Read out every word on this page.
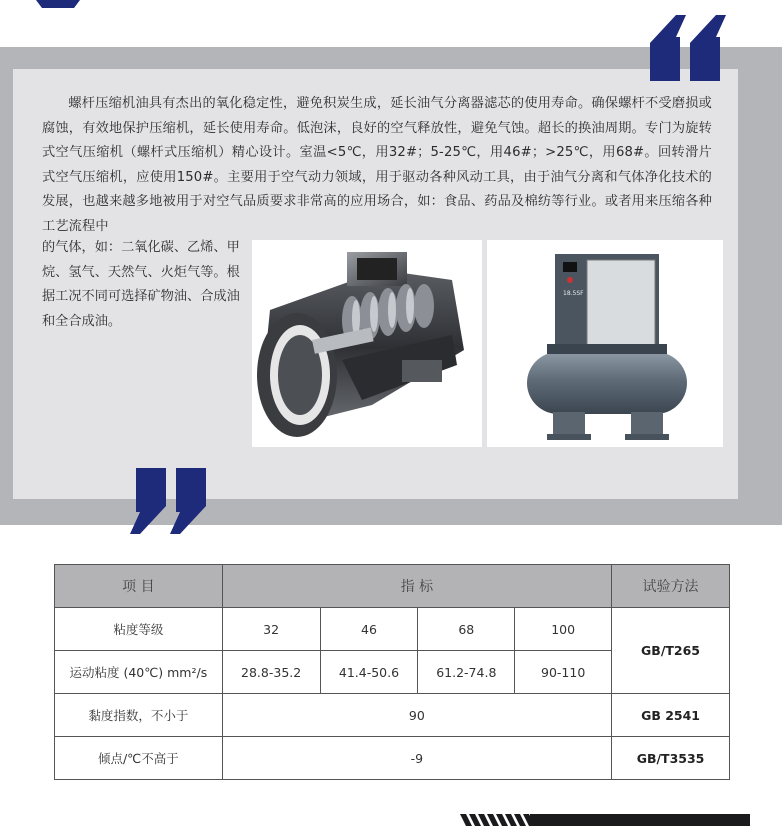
螺杆压缩机油具有杰出的氧化稳定性，避免积炭生成，延长油气分离器滤芯的使用寿命。确保螺杆不受磨损或腐蚀，有效地保护压缩机，延长使用寿命。低泡沫，良好的空气释放性，避免气蚀。超长的换油周期。专门为旋转式空气压缩机（螺杆式压缩机）精心设计。室温<5℃，用32#；5-25℃，用46#；>25℃，用68#。回转滑片式空气压缩机，应使用150#。主要用于空气动力领域，用于驱动各种风动工具，由于油气分离和气体净化技术的发展，也越来越多地被用于对空气品质要求非常高的应用场合，如：食品、药品及棉纺等行业。或者用来压缩各种工艺流程中

的气体，如：二氧化碳、乙烯、甲烷、氢气、天然气、火炬气等。根据工况不同可选择矿物油、合成油和全合成油。
18.5SF
项 目	指 标				试验方法
粘度等级	32	46	68	100	GB/T265
运动粘度 (40℃) mm²/s	28.8-35.2	41.4-50.6	61.2-74.8	90-110	
黏度指数，不小于	90				GB 2541
倾点/℃不高于	-9				GB/T3535
